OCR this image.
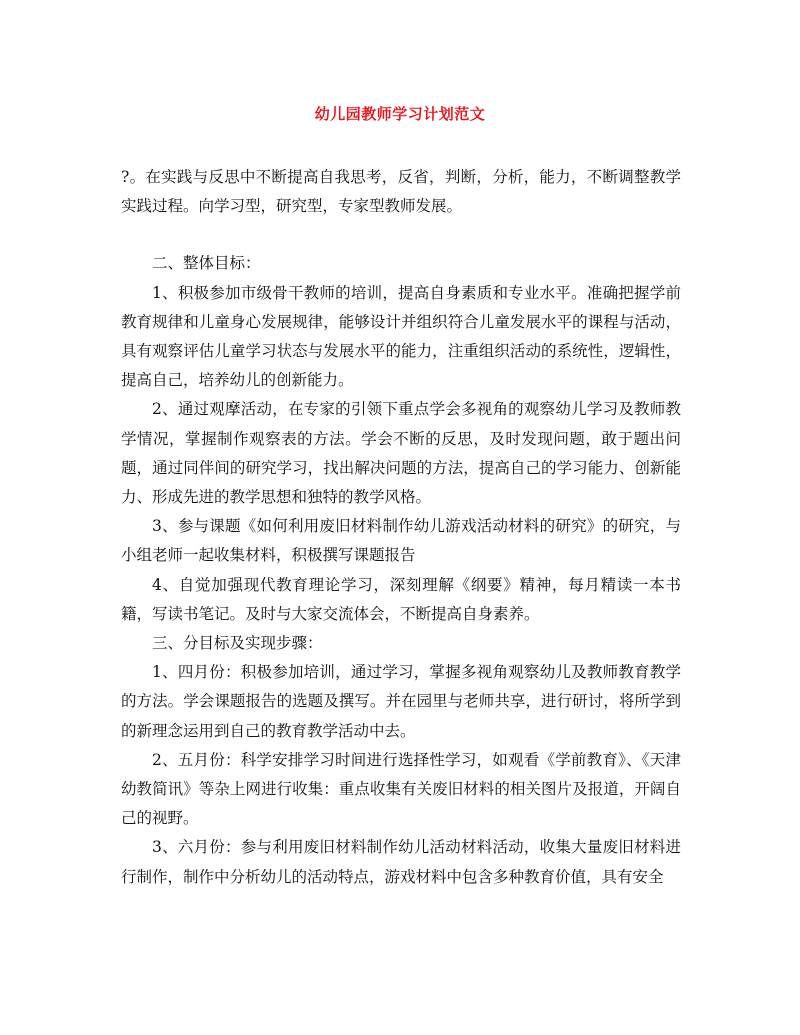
幼儿园教师学习计划范文

?。在实践与反思中不断提高自我思考，反省，判断，分析，能力，不断调整教学实践过程。向学习型，研究型，专家型教师发展。

二、整体目标：

1、积极参加市级骨干教师的培训，提高自身素质和专业水平。准确把握学前教育规律和儿童身心发展规律，能够设计并组织符合儿童发展水平的课程与活动，具有观察评估儿童学习状态与发展水平的能力，注重组织活动的系统性，逻辑性，提高自己，培养幼儿的创新能力。

2、通过观摩活动，在专家的引领下重点学会多视角的观察幼儿学习及教师教学情况，掌握制作观察表的方法。学会不断的反思，及时发现问题，敢于题出问题，通过同伴间的研究学习，找出解决问题的方法，提高自己的学习能力、创新能力、形成先进的教学思想和独特的教学风格。

3、参与课题《如何利用废旧材料制作幼儿游戏活动材料的研究》的研究，与小组老师一起收集材料，积极撰写课题报告

4、自觉加强现代教育理论学习，深刻理解《纲要》精神，每月精读一本书籍，写读书笔记。及时与大家交流体会，不断提高自身素养。

三、分目标及实现步骤：

1、四月份：积极参加培训，通过学习，掌握多视角观察幼儿及教师教育教学的方法。学会课题报告的选题及撰写。并在园里与老师共享，进行研讨，将所学到的新理念运用到自己的教育教学活动中去。

2、五月份：科学安排学习时间进行选择性学习，如观看《学前教育》、《天津幼教简讯》等杂上网进行收集：重点收集有关废旧材料的相关图片及报道，开阔自己的视野。

3、六月份：参与利用废旧材料制作幼儿活动材料活动，收集大量废旧材料进行制作，制作中分析幼儿的活动特点，游戏材料中包含多种教育价值，具有安全
